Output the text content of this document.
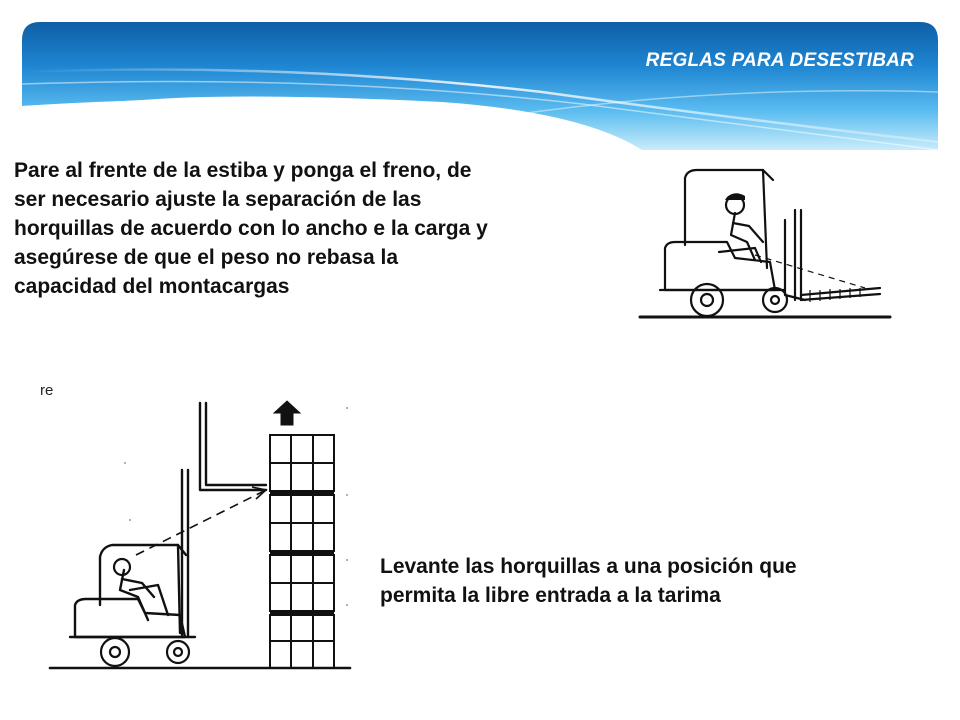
REGLAS PARA DESESTIBAR
Pare al frente de la estiba y ponga el freno, de
ser necesario ajuste la separación de las
horquillas de acuerdo con lo ancho e la carga y
asegúrese de que el peso no rebasa la
capacidad del montacargas
re
Levante las horquillas a una posición que
permita la libre entrada a la tarima
